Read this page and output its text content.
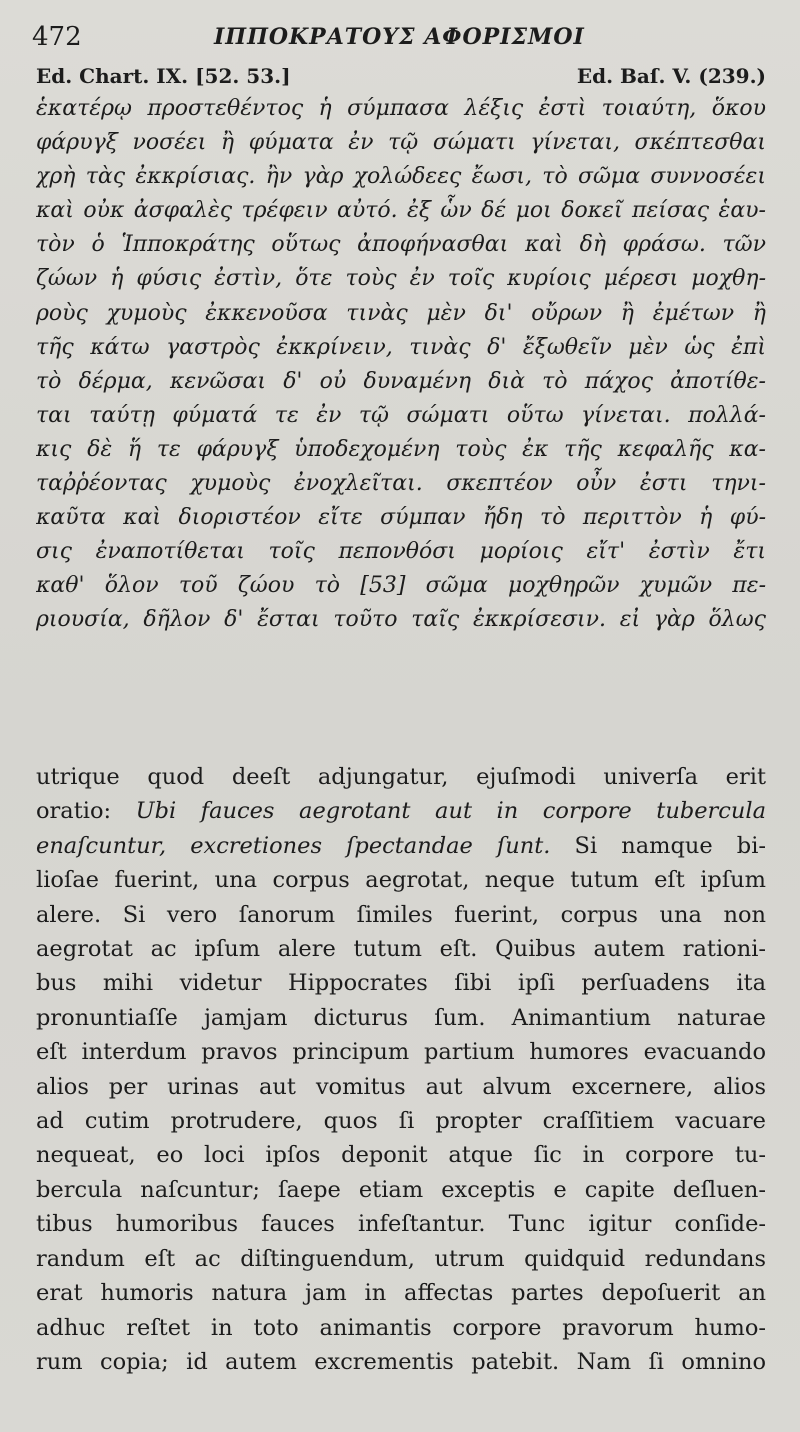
472	ΙΠΠΟΚΡΑΤΟΥΣ ΑΦΟΡΙΣΜΟΙ
Ed. Chart. IX. [52. 53.]	Ed. Baſ. V. (239.)
ἑκατέρῳ προστεθέντος ἡ σύμπασα λέξις ἐστὶ τοιαύτη, ὅκου
φάρυγξ νοσέει ἢ φύματα ἐν τῷ σώματι γίνεται, σκέπτεσθαι
χρὴ τὰς ἐκκρίσιας. ἢν γὰρ χολώδεες ἔωσι, τὸ σῶμα συννοσέει
καὶ οὐκ ἀσφαλὲς τρέφειν αὐτό. ἐξ ὧν δέ μοι δοκεῖ πείσας ἑαυ-
τὸν ὁ Ἱπποκράτης οὕτως ἀποφήνασθαι καὶ δὴ φράσω. τῶν
ζώων ἡ φύσις ἐστὶν, ὅτε τοὺς ἐν τοῖς κυρίοις μέρεσι μοχθη-
ροὺς χυμοὺς ἐκκενοῦσα τινὰς μὲν δι' οὔρων ἢ ἐμέτων ἢ
τῆς κάτω γαστρὸς ἐκκρίνειν, τινὰς δ' ἔξωθεῖν μὲν ὡς ἐπὶ
τὸ δέρμα, κενῶσαι δ' οὐ δυναμένη διὰ τὸ πάχος ἀποτίθε-
ται ταύτῃ φύματά τε ἐν τῷ σώματι οὕτω γίνεται. πολλά-
κις δὲ ἥ τε φάρυγξ ὑποδεχομένη τοὺς ἐκ τῆς κεφαλῆς κα-
ταῤῥέοντας χυμοὺς ἐνοχλεῖται. σκεπτέον οὖν ἐστι τηνι-
καῦτα καὶ διοριστέον εἴτε σύμπαν ἤδη τὸ περιττὸν ἡ φύ-
σις ἐναποτίθεται τοῖς πεπονθόσι μορίοις εἴτ' ἐστὶν ἔτι
καθ' ὅλον τοῦ ζώου τὸ [53] σῶμα μοχθηρῶν χυμῶν πε-
ριουσία, δῆλον δ' ἔσται τοῦτο ταῖς ἐκκρίσεσιν. εἰ γὰρ ὅλως
utrique quod deeſt adjungatur, ejuſmodi univerſa erit
oratio: Ubi fauces aegrotant aut in corpore tubercula
enaſcuntur, excretiones ſpectandae ſunt. Si namque bi-
lioſae fuerint, una corpus aegrotat, neque tutum eſt ipſum
alere. Si vero ſanorum ſimiles fuerint, corpus una non
aegrotat ac ipſum alere tutum eſt. Quibus autem rationi-
bus mihi videtur Hippocrates ſibi ipſi perſuadens ita
pronuntiaſſe jamjam dicturus ſum. Animantium naturae
eſt interdum pravos principum partium humores evacuando
alios per urinas aut vomitus aut alvum excernere, alios
ad cutim protrudere, quos ſi propter craſſitiem vacuare
nequeat, eo loci ipſos deponit atque ſic in corpore tu-
bercula naſcuntur; ſaepe etiam exceptis e capite deſluen-
tibus humoribus fauces infeſtantur. Tunc igitur conſide-
randum eſt ac diſtinguendum, utrum quidquid redundans
erat humoris natura jam in affectas partes depoſuerit an
adhuc reſtet in toto animantis corpore pravorum humo-
rum copia; id autem excrementis patebit. Nam ſi omnino
